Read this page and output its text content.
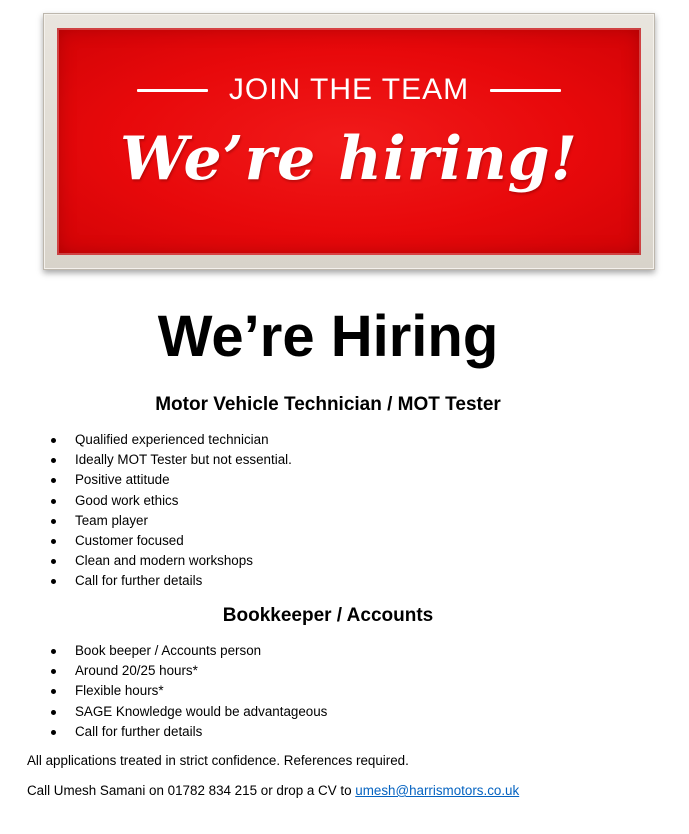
JOIN THE TEAM
We’re hiring!
We’re Hiring
Motor Vehicle Technician / MOT Tester
Qualified experienced technician
Ideally MOT Tester but not essential.
Positive attitude
Good work ethics
Team player
Customer focused
Clean and modern workshops
Call for further details
Bookkeeper / Accounts
Book beeper / Accounts person
Around 20/25 hours*
Flexible hours*
SAGE Knowledge would be advantageous
Call for further details
All applications treated in strict confidence. References required.
Call Umesh Samani on 01782 834 215 or drop a CV to umesh@harrismotors.co.uk
